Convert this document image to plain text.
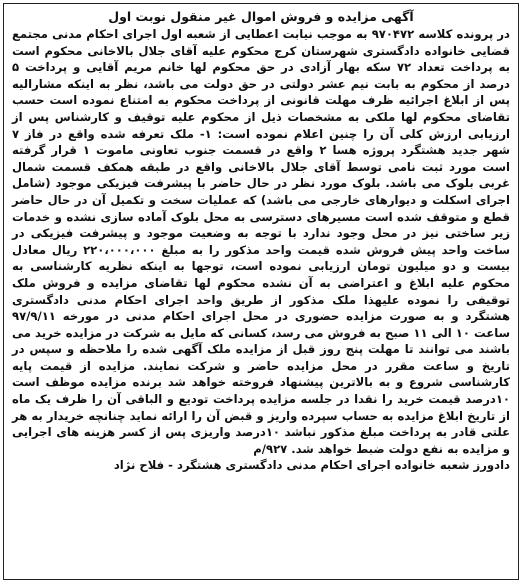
آگهی مزایده و فروش اموال غیر منقول نوبت اول

در پرونده کلاسه ۹۷۰۴۷۲ به موجب نیابت اعطایی از شعبه اول اجرای احکام مدنی مجتمع قضایی خانواده دادگستری شهرستان کرج محکوم علیه آقای جلال بالاخانی محکوم است به پرداخت تعداد ۷۲ سکه بهار آزادی در حق محکوم لها خانم مریم آقایی و پرداخت ۵ درصد از محکوم به بابت نیم عشر دولتی در حق دولت می باشد، نظر به اینکه مشارالیه پس از ابلاغ اجرائیه ظرف مهلت قانونی از پرداخت محکوم به امتناع نموده است حسب تقاضای محکوم لها ملکی به مشخصات ذیل از محکوم علیه توقیف و کارشناس پس از ارزیابی ارزش کلی آن را چنین اعلام نموده است: ۱- ملک تعرفه شده واقع در فاز ۷ شهر جدید هشتگرد پروژه هسا ۲ واقع در قسمت جنوب تعاونی ماموت ۱ قرار گرفته است مورد ثبت نامی توسط آقای جلال بالاخانی واقع در طبقه همکف قسمت شمال غربی بلوک می باشد. بلوک مورد نظر در حال حاضر با پیشرفت فیزیکی موجود (شامل اجرای اسکلت و دیوارهای خارجی می باشد) که عملیات سخت و تکمیل آن در حال حاضر قطع و متوقف شده است مسیرهای دسترسی به محل بلوک آماده سازی نشده و خدمات زیر ساختی نیز در محل وجود ندارد با توجه به وضعیت موجود و پیشرفت فیزیکی در ساخت واحد پیش فروش شده قیمت واحد مذکور را به مبلغ ۲۲۰،۰۰۰،۰۰۰ ریال معادل بیست و دو میلیون تومان ارزیابی نموده است، توجها به اینکه نظریه کارشناسی به محکوم علیه ابلاغ و اعتراضی به آن نشده محکوم لها تقاضای مزایده و فروش ملک توقیفی را نموده علیهذا ملک مذکور از طریق واحد اجرای احکام مدنی دادگستری هشتگرد و به صورت مزایده حضوری در محل اجرای احکام مدنی در مورخه ۹۷/۹/۱۱ ساعت ۱۰ الی ۱۱ صبح به فروش می رسد، کسانی که مایل به شرکت در مزایده خرید می باشند می توانند تا مهلت پنج روز قبل از مزایده ملک آگهی شده را ملاحظه و سپس در تاریخ و ساعت مقرر در محل مزایده حاضر و شرکت نمایند. مزایده از قیمت پایه کارشناسی شروع و به بالاترین پیشنهاد فروخته خواهد شد برنده مزایده موظف است ۱۰درصد قیمت خرید را نقدا در جلسه مزایده پرداخت تودیع و الباقی آن را ظرف یک ماه از تاریخ ابلاغ مزایده به حساب سپرده واریز و قبض آن را ارائه نماید چنانچه خریدار به هر علتی قادر به پرداخت مبلغ مذکور نباشد ۱۰درصد واریزی پس از کسر هزینه های اجرایی و مزایده به نفع دولت ضبط خواهد شد. ۹۲۷/م

دادورز شعبه خانواده اجرای احکام مدنی دادگستری هشتگرد - فلاح نژاد
